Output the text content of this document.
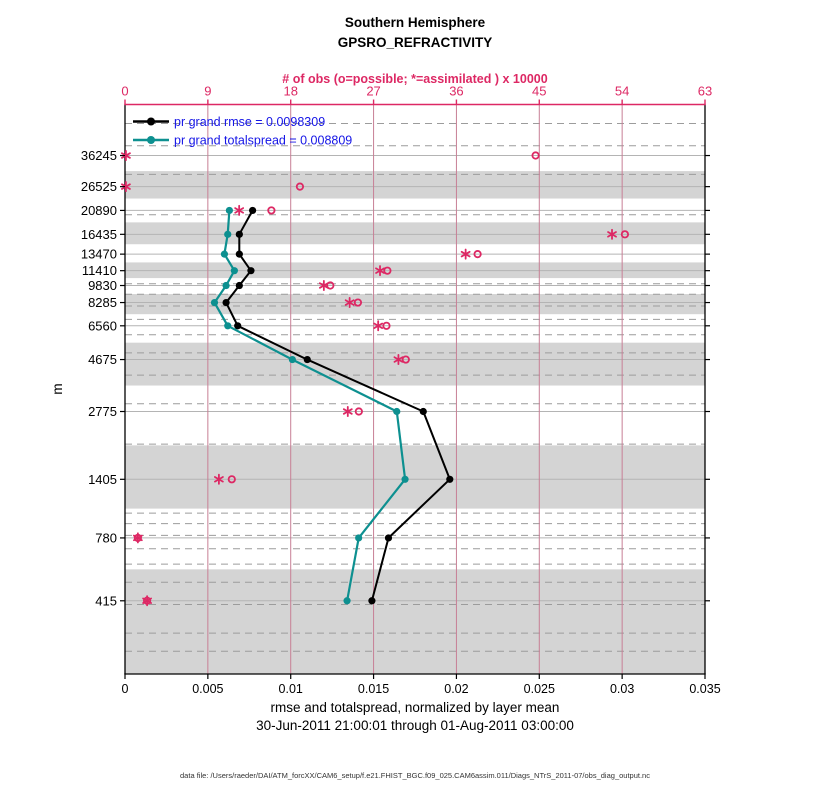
0	9	18	27	36	45	54	63
0	0.005	0.01	0.015	0.02	0.025	0.03	0.035
36245
26525
20890
16435
13470
11410
9830
8285
6560
4675
2775
1405
780
415
pr grand rmse = 0.0098309
pr grand totalspread = 0.008809
Southern Hemisphere
GPSRO_REFRACTIVITY
# of obs (o=possible; *=assimilated ) x 10000
rmse and totalspread, normalized by layer mean
30-Jun-2011 21:00:01 through 01-Aug-2011 03:00:00
m
data file: /Users/raeder/DAI/ATM_forcXX/CAM6_setup/f.e21.FHIST_BGC.f09_025.CAM6assim.011/Diags_NTrS_2011-07/obs_diag_output.nc
